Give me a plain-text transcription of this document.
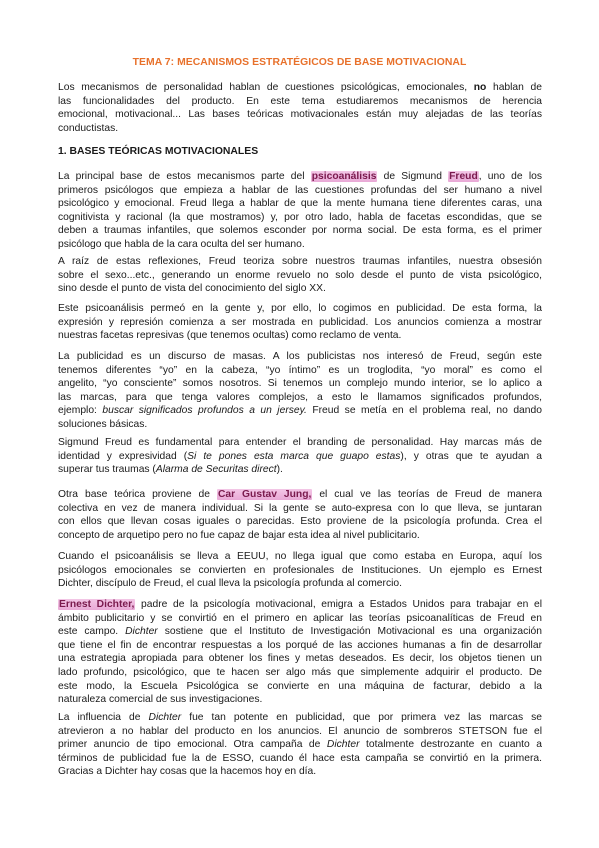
TEMA 7: MECANISMOS ESTRATÉGICOS DE BASE MOTIVACIONAL
Los mecanismos de personalidad hablan de cuestiones psicológicas, emocionales, no hablan de
las funcionalidades del producto. En este tema estudiaremos mecanismos de herencia
emocional, motivacional... Las bases teóricas motivacionales están muy alejadas de las teorías
conductistas.
1. BASES TEÓRICAS MOTIVACIONALES
La principal base de estos mecanismos parte del psicoanálisis de Sigmund Freud, uno de los
primeros psicólogos que empieza a hablar de las cuestiones profundas del ser humano a nivel
psicológico y emocional. Freud llega a hablar de que la mente humana tiene diferentes caras, una
cognitivista y racional (la que mostramos) y, por otro lado, habla de facetas escondidas, que se
deben a traumas infantiles, que solemos esconder por norma social. De esta forma, es el primer
psicólogo que habla de la cara oculta del ser humano.
A raíz de estas reflexiones, Freud teoriza sobre nuestros traumas infantiles, nuestra obsesión
sobre el sexo...etc., generando un enorme revuelo no solo desde el punto de vista psicológico,
sino desde el punto de vista del conocimiento del siglo XX.
Este psicoanálisis permeó en la gente y, por ello, lo cogimos en publicidad. De esta forma, la
expresión y represión comienza a ser mostrada en publicidad. Los anuncios comienza a mostrar
nuestras facetas represivas (que tenemos ocultas) como reclamo de venta.
La publicidad es un discurso de masas. A los publicistas nos interesó de Freud, según este
tenemos diferentes “yo” en la cabeza, “yo íntimo” es un troglodita, “yo moral” es como el
angelito, “yo consciente” somos nosotros. Si tenemos un complejo mundo interior, se lo aplico a
las marcas, para que tenga valores complejos, a esto le llamamos significados profundos,
ejemplo: buscar significados profundos a un jersey. Freud se metía en el problema real, no dando
soluciones básicas.
Sigmund Freud es fundamental para entender el branding de personalidad. Hay marcas más de
identidad y expresividad (Si te pones esta marca que guapo estas), y otras que te ayudan a
superar tus traumas (Alarma de Securitas direct).
Otra base teórica proviene de Car Gustav Jung, el cual ve las teorías de Freud de manera
colectiva en vez de manera individual. Si la gente se auto-expresa con lo que lleva, se juntaran
con ellos que llevan cosas iguales o parecidas. Esto proviene de la psicología profunda. Crea el
concepto de arquetipo pero no fue capaz de bajar esta idea al nivel publicitario.
Cuando el psicoanálisis se lleva a EEUU, no llega igual que como estaba en Europa, aquí los
psicólogos emocionales se convierten en profesionales de Instituciones. Un ejemplo es Ernest
Dichter, discípulo de Freud, el cual lleva la psicología profunda al comercio.
Ernest Dichter, padre de la psicología motivacional, emigra a Estados Unidos para trabajar en el
ámbito publicitario y se convirtió en el primero en aplicar las teorías psicoanalíticas de Freud en
este campo. Dichter sostiene que el Instituto de Investigación Motivacional es una organización
que tiene el fin de encontrar respuestas a los porqué de las acciones humanas a fin de desarrollar
una estrategia apropiada para obtener los fines y metas deseados. Es decir, los objetos tienen un
lado profundo, psicológico, que te hacen ser algo más que simplemente adquirir el producto. De
este modo, la Escuela Psicológica se convierte en una máquina de facturar, debido a la
naturaleza comercial de sus investigaciones.
La influencia de Dichter fue tan potente en publicidad, que por primera vez las marcas se
atrevieron a no hablar del producto en los anuncios. El anuncio de sombreros STETSON fue el
primer anuncio de tipo emocional. Otra campaña de Dichter totalmente destrozante en cuanto a
términos de publicidad fue la de ESSO, cuando él hace esta campaña se convirtió en la primera.
Gracias a Dichter hay cosas que la hacemos hoy en día.
